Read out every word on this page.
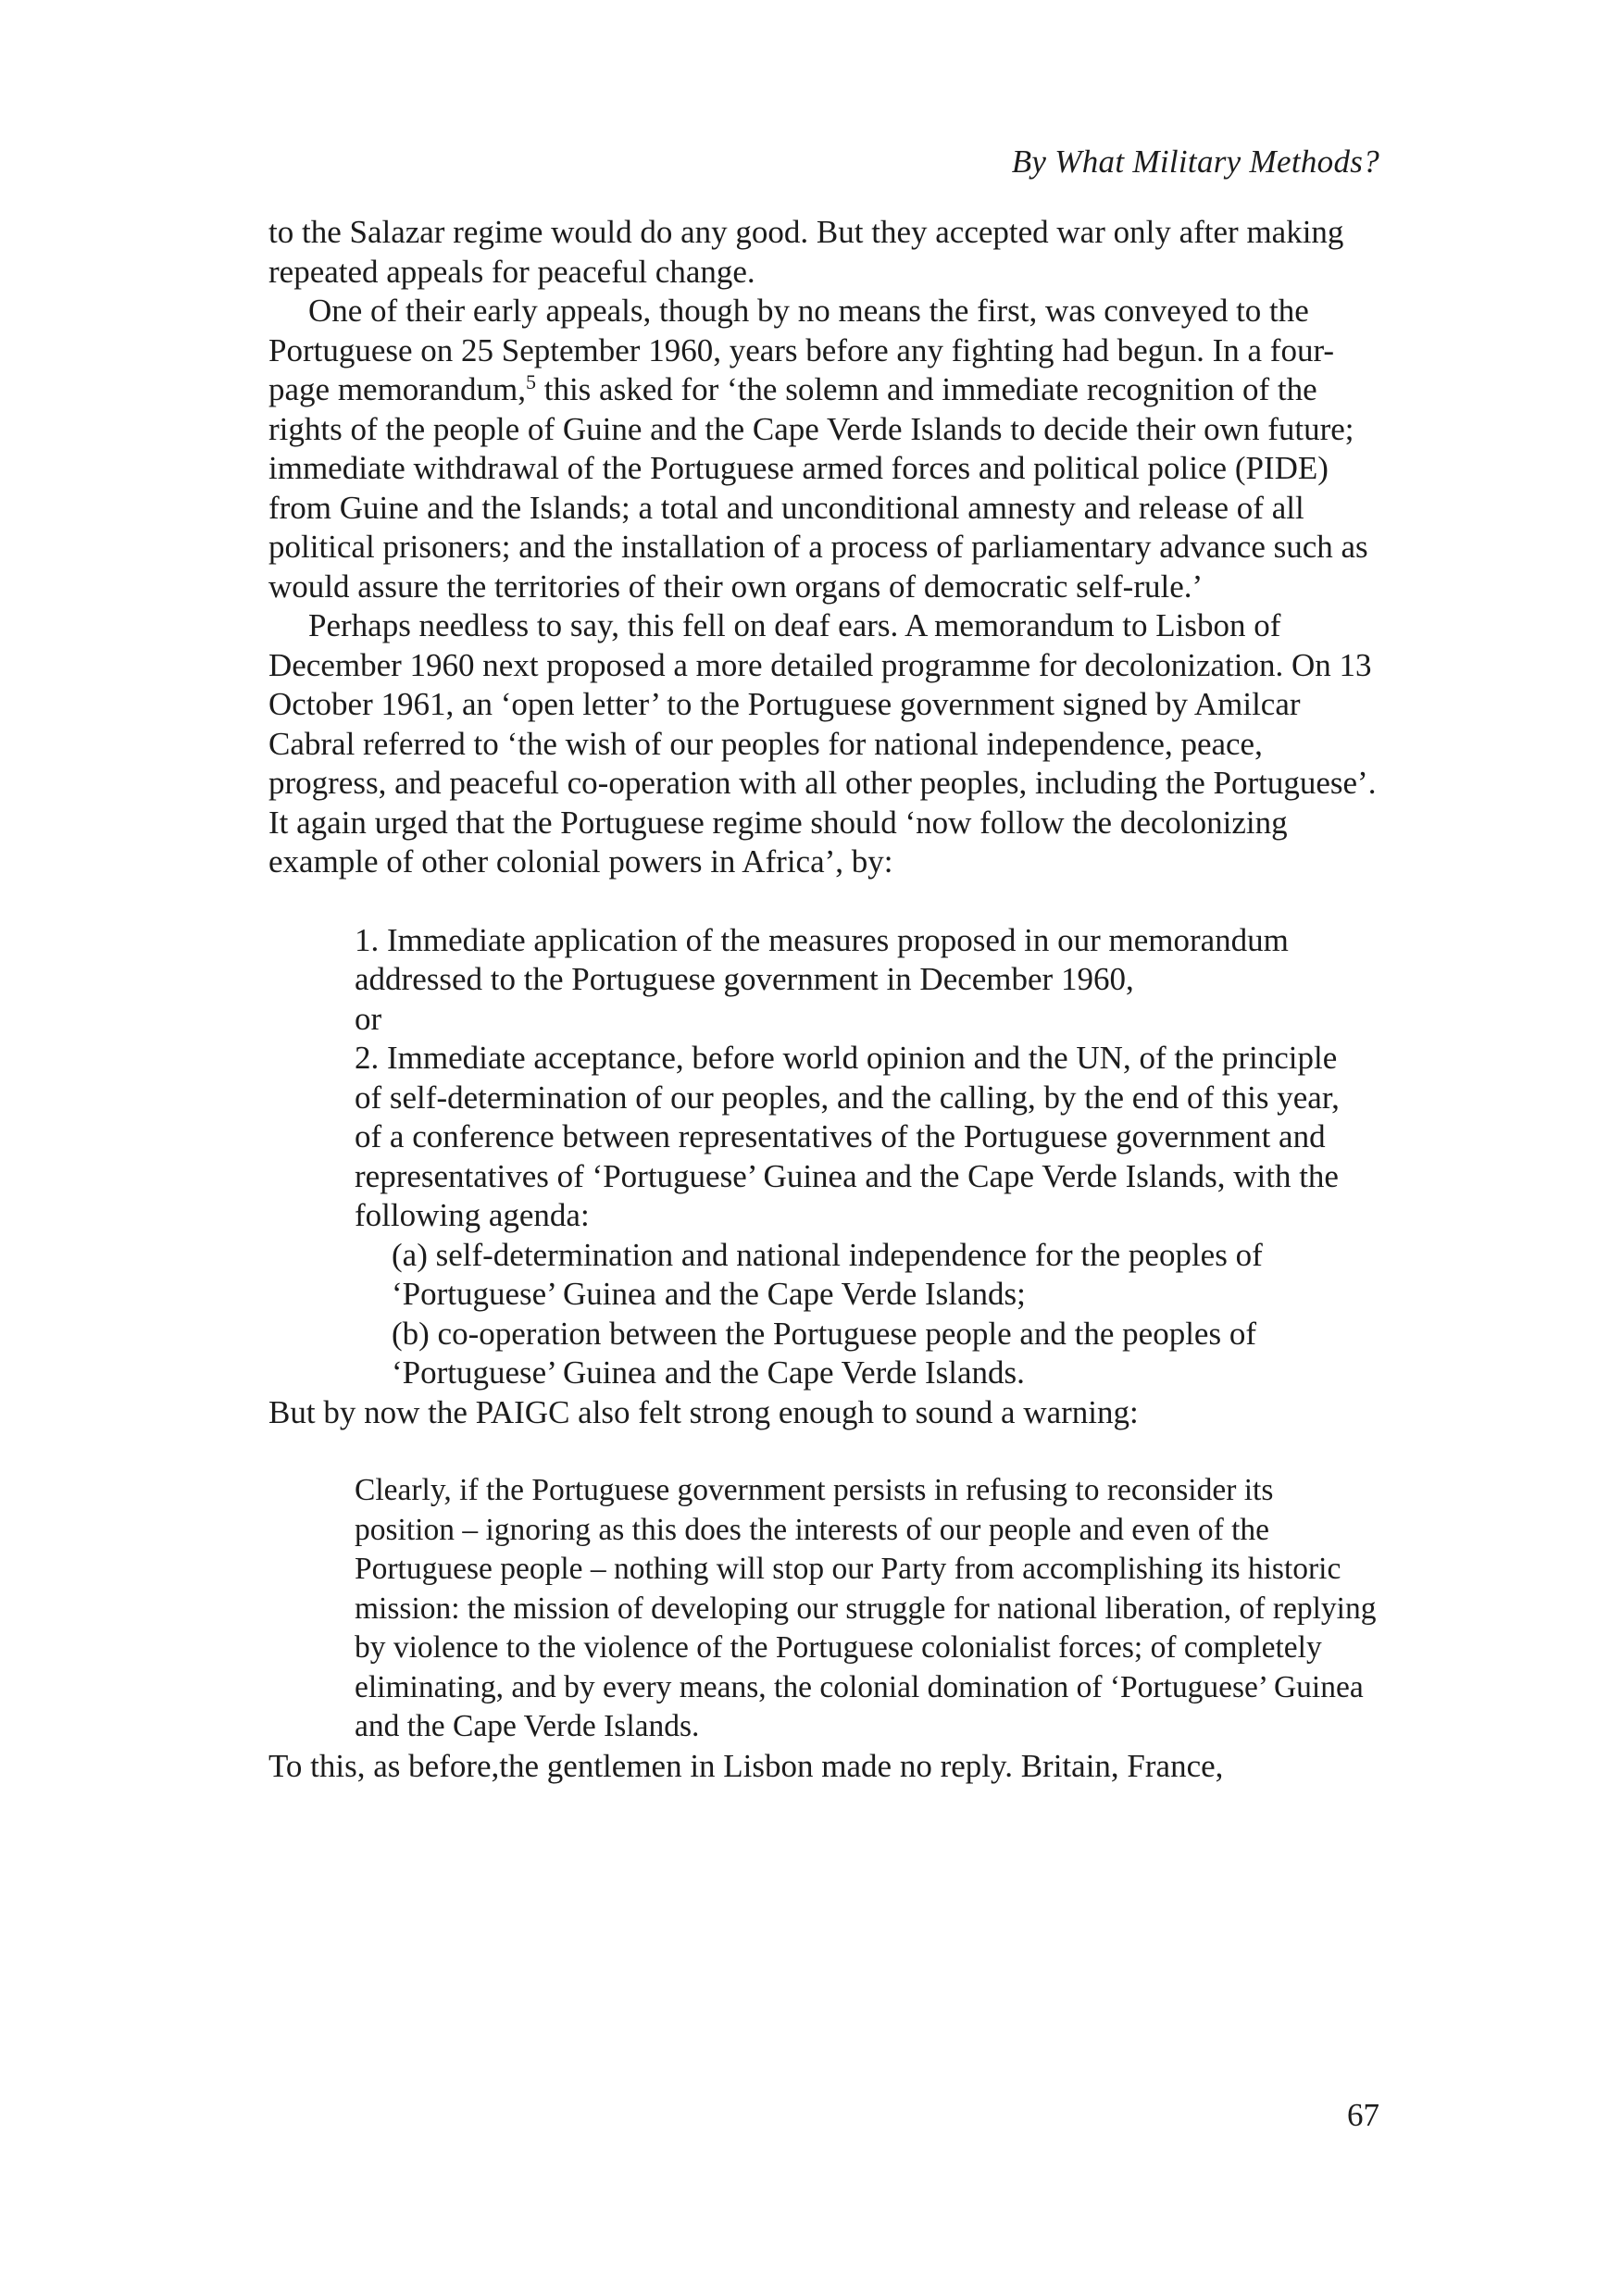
By What Military Methods?

to the Salazar regime would do any good. But they accepted war only after making repeated appeals for peaceful change.

One of their early appeals, though by no means the first, was conveyed to the Portuguese on 25 September 1960, years before any fighting had begun. In a four-page memorandum,$^5$ this asked for ‘the solemn and immediate recognition of the rights of the people of Guine and the Cape Verde Islands to decide their own future; immediate withdrawal of the Portuguese armed forces and political police (PIDE) from Guine and the Islands; a total and unconditional amnesty and release of all political prisoners; and the installation of a process of parliamentary advance such as would assure the territories of their own organs of democratic self-rule.’

Perhaps needless to say, this fell on deaf ears. A memorandum to Lisbon of December 1960 next proposed a more detailed programme for decolonization. On 13 October 1961, an ‘open letter’ to the Portuguese government signed by Amilcar Cabral referred to ‘the wish of our peoples for national independence, peace, progress, and peaceful co-operation with all other peoples, including the Portuguese’. It again urged that the Portuguese regime should ‘now follow the decolonizing example of other colonial powers in Africa’, by:

1. Immediate application of the measures proposed in our memorandum addressed to the Portuguese government in December 1960,

or

2. Immediate acceptance, before world opinion and the UN, of the principle of self-determination of our peoples, and the calling, by the end of this year, of a conference between representatives of the Portuguese government and representatives of ‘Portuguese’ Guinea and the Cape Verde Islands, with the following agenda:

(a) self-determination and national independence for the peoples of ‘Portuguese’ Guinea and the Cape Verde Islands;

(b) co-operation between the Portuguese people and the peoples of ‘Portuguese’ Guinea and the Cape Verde Islands.

But by now the PAIGC also felt strong enough to sound a warning:

Clearly, if the Portuguese government persists in refusing to reconsider its position – ignoring as this does the interests of our people and even of the Portuguese people – nothing will stop our Party from accomplishing its historic mission: the mission of developing our struggle for national liberation, of replying by violence to the violence of the Portuguese colonialist forces; of completely eliminating, and by every means, the colonial domination of ‘Portuguese’ Guinea and the Cape Verde Islands.

To this, as before,the gentlemen in Lisbon made no reply. Britain, France,

67
